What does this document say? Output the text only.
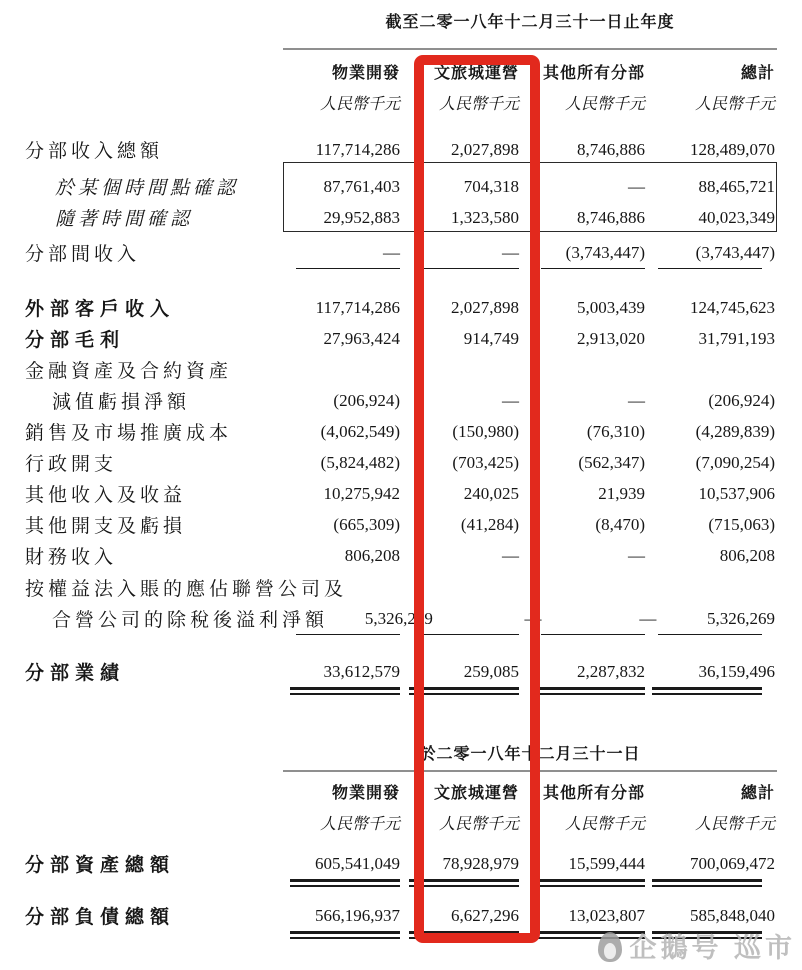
截至二零一八年十二月三十一日止年度
物業開發	文旅城運營	其他所有分部	總計
人民幣千元	人民幣千元	人民幣千元	人民幣千元
分部收入總額	117,714,286	2,027,898	8,746,886	128,489,070
於某個時間點確認	87,761,403	704,318	—	88,465,721
隨著時間確認	29,952,883	1,323,580	8,746,886	40,023,349
分部間收入	—	—	(3,743,447)	(3,743,447)
外部客戶收入	117,714,286	2,027,898	5,003,439	124,745,623
分部毛利	27,963,424	914,749	2,913,020	31,791,193
金融資產及合約資產
減值虧損淨額	(206,924)	—	—	(206,924)
銷售及市場推廣成本	(4,062,549)	(150,980)	(76,310)	(4,289,839)
行政開支	(5,824,482)	(703,425)	(562,347)	(7,090,254)
其他收入及收益	10,275,942	240,025	21,939	10,537,906
其他開支及虧損	(665,309)	(41,284)	(8,470)	(715,063)
財務收入	806,208	—	—	806,208
按權益法入賬的應佔聯營公司及
合營公司的除稅後溢利淨額	5,326,269	—	—	5,326,269
分部業績	33,612,579	259,085	2,287,832	36,159,496
於二零一八年十二月三十一日
物業開發	文旅城運營	其他所有分部	總計
人民幣千元	人民幣千元	人民幣千元	人民幣千元
分部資產總額	605,541,049	78,928,979	15,599,444	700,069,472
分部負債總額	566,196,937	6,627,296	13,023,807	585,848,040
企鵝号 巡市
